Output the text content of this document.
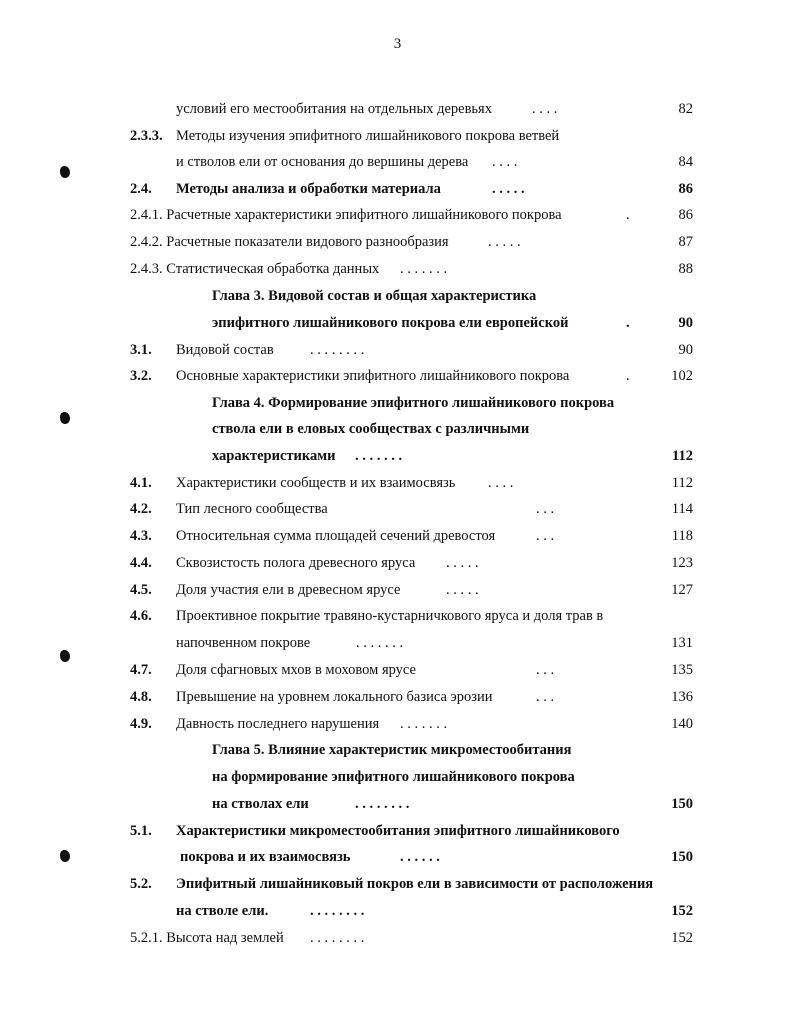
3
условий его местообитания на отдельных деревьях	. . . .	82
2.3.3. Методы изучения эпифитного лишайникового покрова ветвей
и стволов ели от основания до вершины дерева . . . .	84
2.4. Методы анализа и обработки материала	. . . . .	86
2.4.1. Расчетные характеристики эпифитного лишайникового покрова	.	86
2.4.2. Расчетные показатели видового разнообразия	. . . . .	87
2.4.3. Статистическая обработка данных . . . . . . .	88
Глава 3. Видовой состав и общая характеристика
эпифитного лишайникового покрова ели европейской	.	90
3.1. Видовой состав	. . . . . . . .	90
3.2. Основные характеристики эпифитного лишайникового покрова	.	102
Глава 4. Формирование эпифитного лишайникового покрова
ствола ели в еловых сообществах с различными
характеристиками . . . . . . .	112
4.1. Характеристики сообществ и их взаимосвязь . . . .	112
4.2. Тип лесного сообщества	. . .	114
4.3. Относительная сумма площадей сечений древостоя	. . .	118
4.4. Сквозистость полога древесного яруса . . . . .	123
4.5. Доля участия ели в древесном ярусе	. . . . .	127
4.6. Проективное покрытие травяно-кустарничкового яруса и доля трав в
напочвенном покрове	. . . . . . .	131
4.7. Доля сфагновых мхов в моховом ярусе	. . .	135
4.8. Превышение на уровнем локального базиса эрозии	. . .	136
4.9. Давность последнего нарушения . . . . . . .	140
Глава 5. Влияние характеристик микроместообитания
на формирование эпифитного лишайникового покрова
на стволах ели	. . . . . . . .	150
5.1. Характеристики микроместообитания эпифитного лишайникового
покрова и их взаимосвязь	. . . . . .	150
5.2. Эпифитный лишайниковый покров ели в зависимости от расположения
на стволе ели.	. . . . . . . .	152
5.2.1. Высота над землей . . . . . . . .	152
